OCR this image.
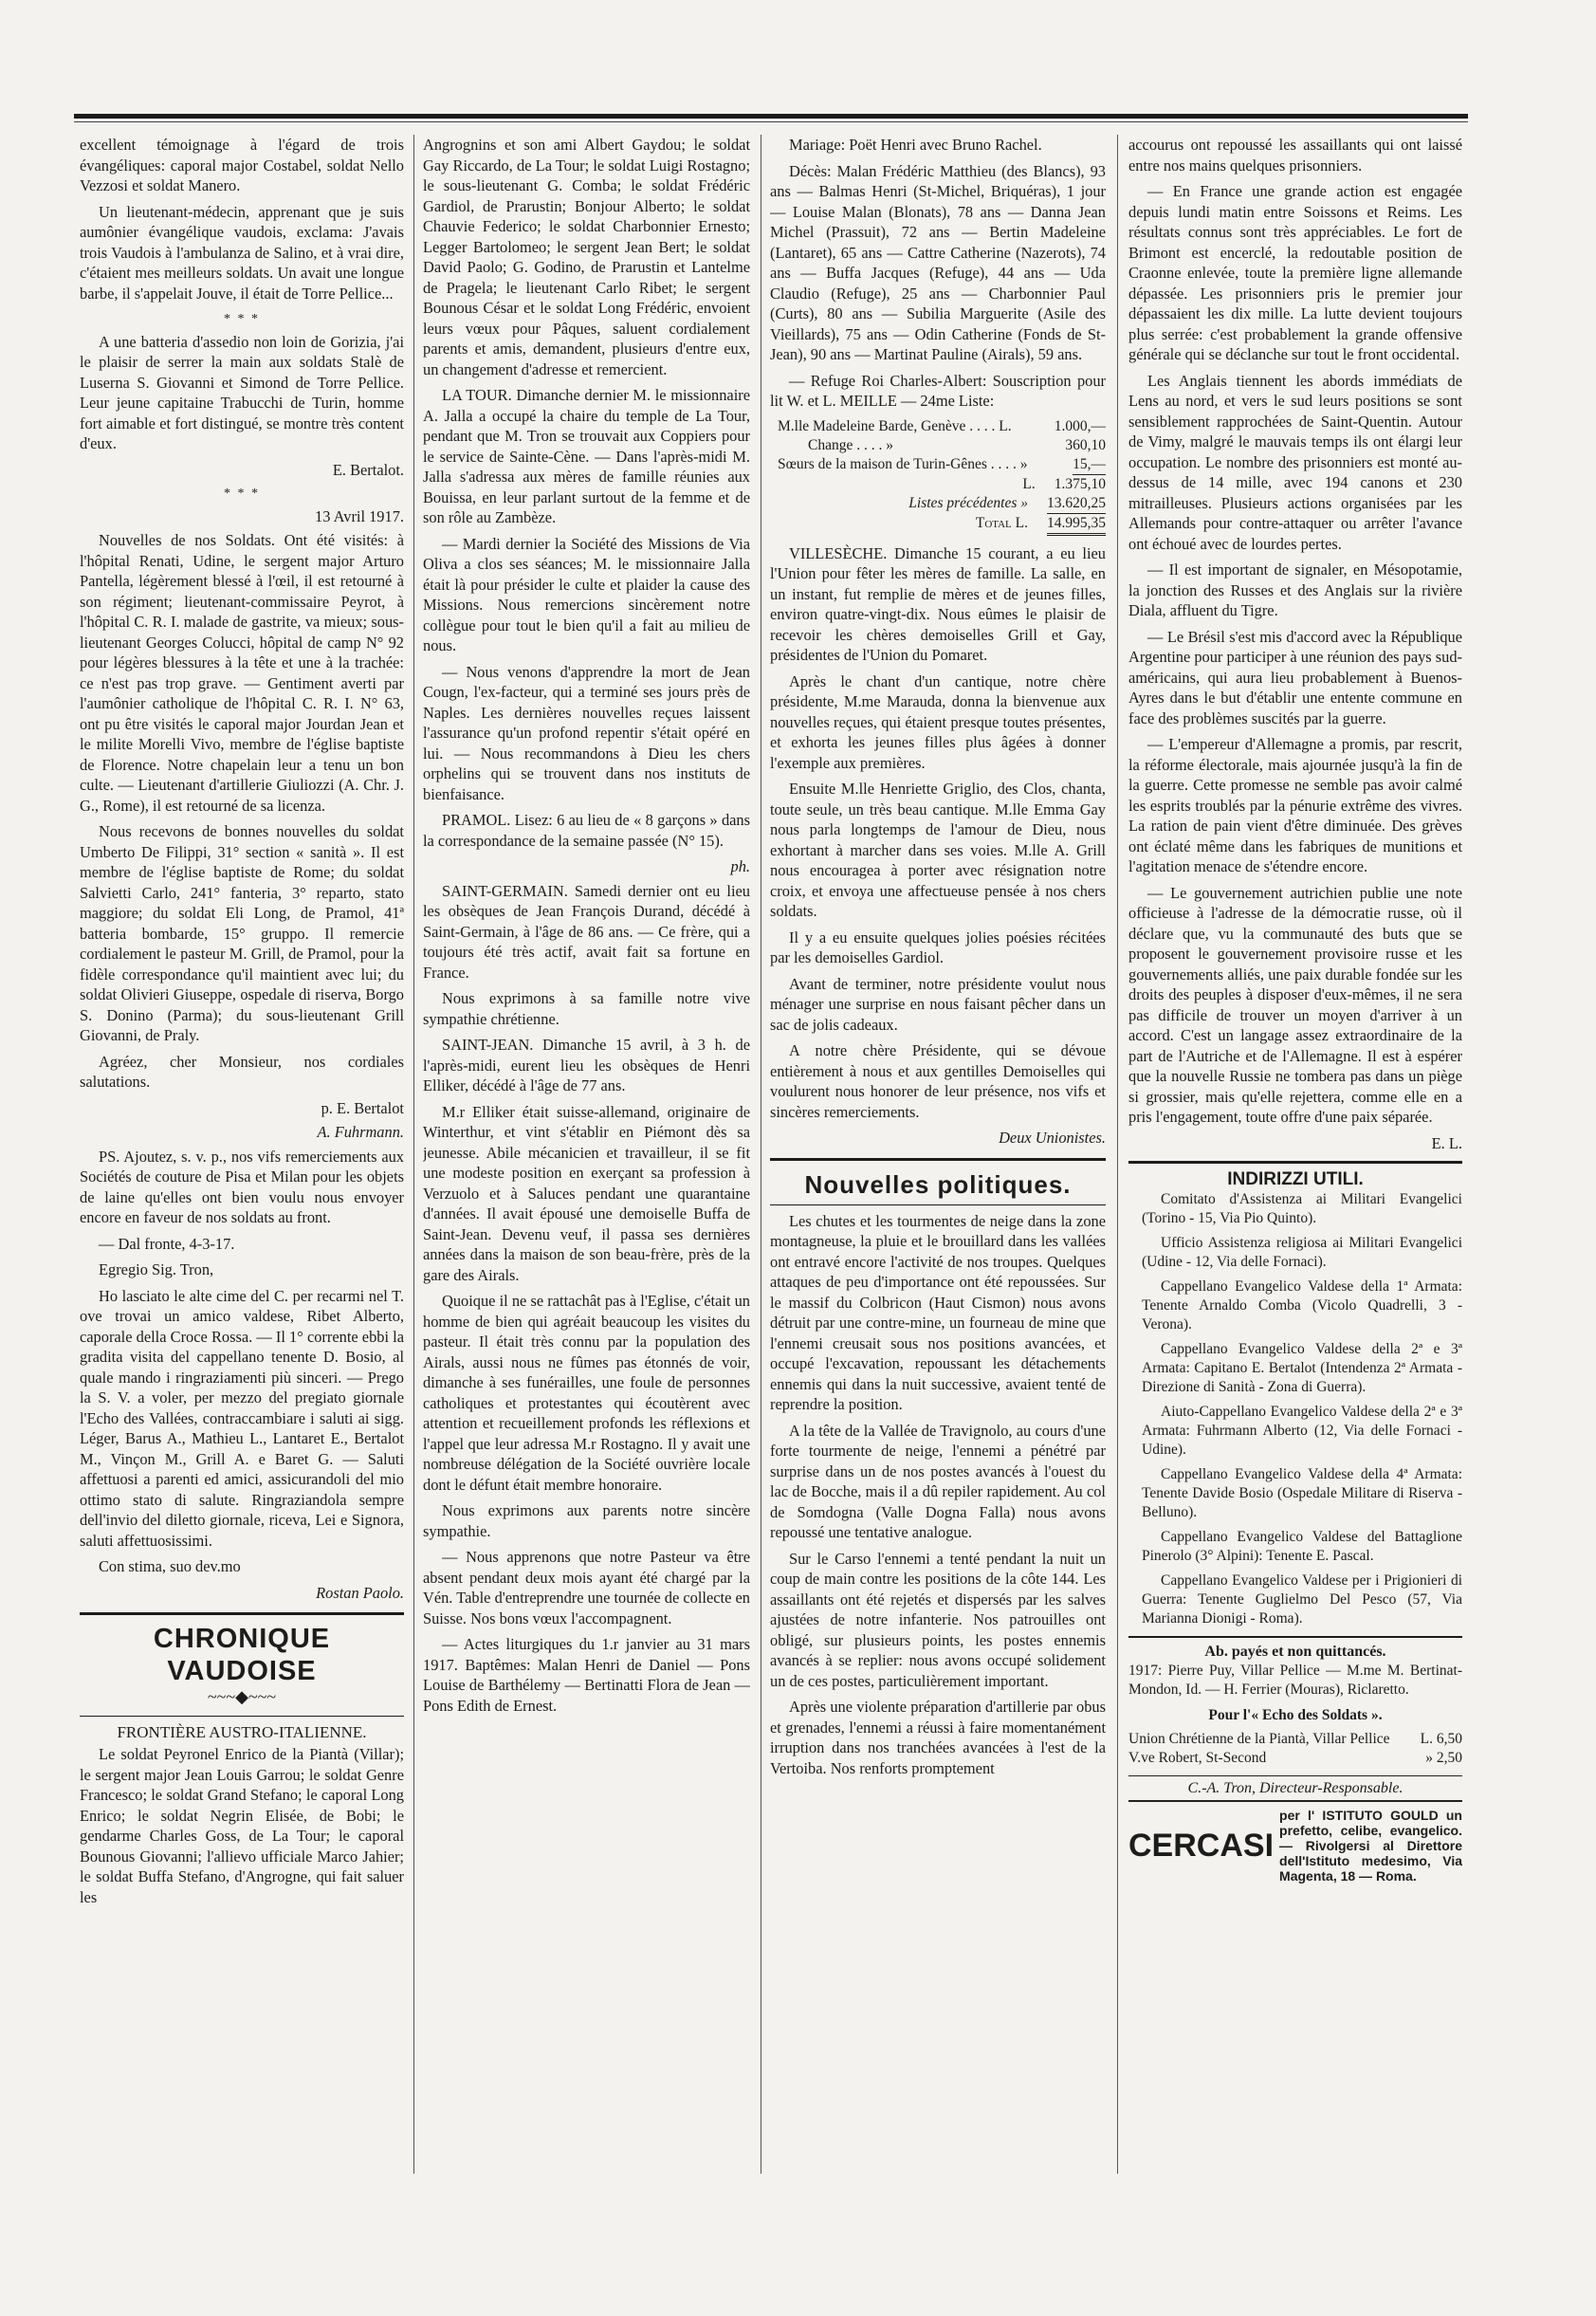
excellent témoignage à l'égard de trois évangéliques: caporal major Costabel, soldat Nello Vezzosi et soldat Manero.

Un lieutenant-médecin, apprenant que je suis aumônier évangélique vaudois, exclama: J'avais trois Vaudois à l'ambulanza de Salino, et à vrai dire, c'étaient mes meilleurs soldats. Un avait une longue barbe, il s'appelait Jouve, il était de Torre Pellice...

* * *

A une batteria d'assedio non loin de Gorizia, j'ai le plaisir de serrer la main aux soldats Stalè de Luserna S. Giovanni et Simond de Torre Pellice. Leur jeune capitaine Trabucchi de Turin, homme fort aimable et fort distingué, se montre très content d'eux.

E. Bertalot.
* * *
13 Avril 1917.

Nouvelles de nos Soldats. Ont été visités: à l'hôpital Renati, Udine, le sergent major Arturo Pantella, légèrement blessé à l'œil, il est retourné à son régiment; lieutenant-commissaire Peyrot, à l'hôpital C. R. I. malade de gastrite, va mieux; sous-lieutenant Georges Colucci, hôpital de camp N° 92 pour légères blessures à la tête et une à la trachée: ce n'est pas trop grave. — Gentiment averti par l'aumônier catholique de l'hôpital C. R. I. N° 63, ont pu être visités le caporal major Jourdan Jean et le milite Morelli Vivo, membre de l'église baptiste de Florence. Notre chapelain leur a tenu un bon culte. — Lieutenant d'artillerie Giuliozzi (A. Chr. J. G., Rome), il est retourné de sa licenza.

Nous recevons de bonnes nouvelles du soldat Umberto De Filippi, 31° section « sanità ». Il est membre de l'église baptiste de Rome; du soldat Salvietti Carlo, 241° fanteria, 3° reparto, stato maggiore; du soldat Eli Long, de Pramol, 41ª batteria bombarde, 15° gruppo. Il remercie cordialement le pasteur M. Grill, de Pramol, pour la fidèle correspondance qu'il maintient avec lui; du soldat Olivieri Giuseppe, ospedale di riserva, Borgo S. Donino (Parma); du sous-lieutenant Grill Giovanni, de Praly.

Agréez, cher Monsieur, nos cordiales salutations.

p. E. Bertalot
A. Fuhrmann.

PS. Ajoutez, s. v. p., nos vifs remerciements aux Sociétés de couture de Pisa et Milan pour les objets de laine qu'elles ont bien voulu nous envoyer encore en faveur de nos soldats au front.

— Dal fronte, 4-3-17.

Egregio Sig. Tron,

Ho lasciato le alte cime del C. per recarmi nel T. ove trovai un amico valdese, Ribet Alberto, caporale della Croce Rossa. — Il 1° corrente ebbi la gradita visita del cappellano tenente D. Bosio, al quale mando i ringraziamenti più sinceri. — Prego la S. V. a voler, per mezzo del pregiato giornale l'Echo des Vallées, contraccambiare i saluti ai sigg. Léger, Barus A., Mathieu L., Lantaret E., Bertalot M., Vinçon M., Grill A. e Baret G. — Saluti affettuosi a parenti ed amici, assicurandoli del mio ottimo stato di salute. Ringraziandola sempre dell'invio del diletto giornale, riceva, Lei e Signora, saluti affettuosissimi.

Con stima, suo dev.mo

Rostan Paolo.
CHRONIQUE VAUDOISE
~~~◆~~~
FRONTIÈRE AUSTRO-ITALIENNE.

Le soldat Peyronel Enrico de la Piantà (Villar); le sergent major Jean Louis Garrou; le soldat Genre Francesco; le soldat Grand Stefano; le caporal Long Enrico; le soldat Negrin Elisée, de Bobi; le gendarme Charles Goss, de La Tour; le caporal Bounous Giovanni; l'allievo ufficiale Marco Jahier; le soldat Buffa Stefano, d'Angrogne, qui fait saluer les

Angrognins et son ami Albert Gaydou; le soldat Gay Riccardo, de La Tour; le soldat Luigi Rostagno; le sous-lieutenant G. Comba; le soldat Frédéric Gardiol, de Prarustin; Bonjour Alberto; le soldat Chauvie Federico; le soldat Charbonnier Ernesto; Legger Bartolomeo; le sergent Jean Bert; le soldat David Paolo; G. Godino, de Prarustin et Lantelme de Pragela; le lieutenant Carlo Ribet; le sergent Bounous César et le soldat Long Frédéric, envoient leurs vœux pour Pâques, saluent cordialement parents et amis, demandent, plusieurs d'entre eux, un changement d'adresse et remercient.

LA TOUR. Dimanche dernier M. le missionnaire A. Jalla a occupé la chaire du temple de La Tour, pendant que M. Tron se trouvait aux Coppiers pour le service de Sainte-Cène. — Dans l'après-midi M. Jalla s'adressa aux mères de famille réunies aux Bouissa, en leur parlant surtout de la femme et de son rôle au Zambèze.

— Mardi dernier la Société des Missions de Via Oliva a clos ses séances; M. le missionnaire Jalla était là pour présider le culte et plaider la cause des Missions. Nous remercions sincèrement notre collègue pour tout le bien qu'il a fait au milieu de nous.

— Nous venons d'apprendre la mort de Jean Cougn, l'ex-facteur, qui a terminé ses jours près de Naples. Les dernières nouvelles reçues laissent l'assurance qu'un profond repentir s'était opéré en lui. — Nous recommandons à Dieu les chers orphelins qui se trouvent dans nos instituts de bienfaisance.

PRAMOL. Lisez: 6 au lieu de « 8 garçons » dans la correspondance de la semaine passée (N° 15).

ph.

SAINT-GERMAIN. Samedi dernier ont eu lieu les obsèques de Jean François Durand, décédé à Saint-Germain, à l'âge de 86 ans. — Ce frère, qui a toujours été très actif, avait fait sa fortune en France.

Nous exprimons à sa famille notre vive sympathie chrétienne.

SAINT-JEAN. Dimanche 15 avril, à 3 h. de l'après-midi, eurent lieu les obsèques de Henri Elliker, décédé à l'âge de 77 ans.

M.r Elliker était suisse-allemand, originaire de Winterthur, et vint s'établir en Piémont dès sa jeunesse. Abile mécanicien et travailleur, il se fit une modeste position en exerçant sa profession à Verzuolo et à Saluces pendant une quarantaine d'années. Il avait épousé une demoiselle Buffa de Saint-Jean. Devenu veuf, il passa ses dernières années dans la maison de son beau-frère, près de la gare des Airals.

Quoique il ne se rattachât pas à l'Eglise, c'était un homme de bien qui agréait beaucoup les visites du pasteur. Il était très connu par la population des Airals, aussi nous ne fûmes pas étonnés de voir, dimanche à ses funérailles, une foule de personnes catholiques et protestantes qui écoutèrent avec attention et recueillement profonds les réflexions et l'appel que leur adressa M.r Rostagno. Il y avait une nombreuse délégation de la Société ouvrière locale dont le défunt était membre honoraire.

Nous exprimons aux parents notre sincère sympathie.

— Nous apprenons que notre Pasteur va être absent pendant deux mois ayant été chargé par la Vén. Table d'entreprendre une tournée de collecte en Suisse. Nos bons vœux l'accompagnent.

— Actes liturgiques du 1.r janvier au 31 mars 1917. Baptêmes: Malan Henri de Daniel — Pons Louise de Barthélemy — Bertinatti Flora de Jean — Pons Edith de Ernest.

Mariage: Poët Henri avec Bruno Rachel.

Décès: Malan Frédéric Matthieu (des Blancs), 93 ans — Balmas Henri (St-Michel, Briquéras), 1 jour — Louise Malan (Blonats), 78 ans — Danna Jean Michel (Prassuit), 72 ans — Bertin Madeleine (Lantaret), 65 ans — Cattre Catherine (Nazerots), 74 ans — Buffa Jacques (Refuge), 44 ans — Uda Claudio (Refuge), 25 ans — Charbonnier Paul (Curts), 80 ans — Subilia Marguerite (Asile des Vieillards), 75 ans — Odin Catherine (Fonds de St-Jean), 90 ans — Martinat Pauline (Airals), 59 ans.

— Refuge Roi Charles-Albert: Souscription pour lit W. et L. MEILLE — 24me Liste:

M.lle Madeleine Barde, Genève . . . . L.	1.000,—
Change . . . . »	360,10
Sœurs de la maison de Turin-Gênes . . . . »	15,—
L.	1.375,10
Listes précédentes »	13.620,25
Total L.	14.995,35

VILLESÈCHE. Dimanche 15 courant, a eu lieu l'Union pour fêter les mères de famille. La salle, en un instant, fut remplie de mères et de jeunes filles, environ quatre-vingt-dix. Nous eûmes le plaisir de recevoir les chères demoiselles Grill et Gay, présidentes de l'Union du Pomaret.

Après le chant d'un cantique, notre chère présidente, M.me Marauda, donna la bienvenue aux nouvelles reçues, qui étaient presque toutes présentes, et exhorta les jeunes filles plus âgées à donner l'exemple aux premières.

Ensuite M.lle Henriette Griglio, des Clos, chanta, toute seule, un très beau cantique. M.lle Emma Gay nous parla longtemps de l'amour de Dieu, nous exhortant à marcher dans ses voies. M.lle A. Grill nous encouragea à porter avec résignation notre croix, et envoya une affectueuse pensée à nos chers soldats.

Il y a eu ensuite quelques jolies poésies récitées par les demoiselles Gardiol.

Avant de terminer, notre présidente voulut nous ménager une surprise en nous faisant pêcher dans un sac de jolis cadeaux.

A notre chère Présidente, qui se dévoue entièrement à nous et aux gentilles Demoiselles qui voulurent nous honorer de leur présence, nos vifs et sincères remerciements.

Deux Unionistes.
Nouvelles politiques.

Les chutes et les tourmentes de neige dans la zone montagneuse, la pluie et le brouillard dans les vallées ont entravé encore l'activité de nos troupes. Quelques attaques de peu d'importance ont été repoussées. Sur le massif du Colbricon (Haut Cismon) nous avons détruit par une contre-mine, un fourneau de mine que l'ennemi creusait sous nos positions avancées, et occupé l'excavation, repoussant les détachements ennemis qui dans la nuit successive, avaient tenté de reprendre la position.

A la tête de la Vallée de Travignolo, au cours d'une forte tourmente de neige, l'ennemi a pénétré par surprise dans un de nos postes avancés à l'ouest du lac de Bocche, mais il a dû repiler rapidement. Au col de Somdogna (Valle Dogna Falla) nous avons repoussé une tentative analogue.

Sur le Carso l'ennemi a tenté pendant la nuit un coup de main contre les positions de la côte 144. Les assaillants ont été rejetés et dispersés par les salves ajustées de notre infanterie. Nos patrouilles ont obligé, sur plusieurs points, les postes ennemis avancés à se replier: nous avons occupé solidement un de ces postes, particulièrement important.

Après une violente préparation d'artillerie par obus et grenades, l'ennemi a réussi à faire momentanément irruption dans nos tranchées avancées à l'est de la Vertoiba. Nos renforts promptement

accourus ont repoussé les assaillants qui ont laissé entre nos mains quelques prisonniers.

— En France une grande action est engagée depuis lundi matin entre Soissons et Reims. Les résultats connus sont très appréciables. Le fort de Brimont est encerclé, la redoutable position de Craonne enlevée, toute la première ligne allemande dépassée. Les prisonniers pris le premier jour dépassaient les dix mille. La lutte devient toujours plus serrée: c'est probablement la grande offensive générale qui se déclanche sur tout le front occidental.

Les Anglais tiennent les abords immédiats de Lens au nord, et vers le sud leurs positions se sont sensiblement rapprochées de Saint-Quentin. Autour de Vimy, malgré le mauvais temps ils ont élargi leur occupation. Le nombre des prisonniers est monté au-dessus de 14 mille, avec 194 canons et 230 mitrailleuses. Plusieurs actions organisées par les Allemands pour contre-attaquer ou arrêter l'avance ont échoué avec de lourdes pertes.

— Il est important de signaler, en Mésopotamie, la jonction des Russes et des Anglais sur la rivière Diala, affluent du Tigre.

— Le Brésil s'est mis d'accord avec la République Argentine pour participer à une réunion des pays sud-américains, qui aura lieu probablement à Buenos-Ayres dans le but d'établir une entente commune en face des problèmes suscités par la guerre.

— L'empereur d'Allemagne a promis, par rescrit, la réforme électorale, mais ajournée jusqu'à la fin de la guerre. Cette promesse ne semble pas avoir calmé les esprits troublés par la pénurie extrême des vivres. La ration de pain vient d'être diminuée. Des grèves ont éclaté même dans les fabriques de munitions et l'agitation menace de s'étendre encore.

— Le gouvernement autrichien publie une note officieuse à l'adresse de la démocratie russe, où il déclare que, vu la communauté des buts que se proposent le gouvernement provisoire russe et les gouvernements alliés, une paix durable fondée sur les droits des peuples à disposer d'eux-mêmes, il ne sera pas difficile de trouver un moyen d'arriver à un accord. C'est un langage assez extraordinaire de la part de l'Autriche et de l'Allemagne. Il est à espérer que la nouvelle Russie ne tombera pas dans un piège si grossier, mais qu'elle rejettera, comme elle en a pris l'engagement, toute offre d'une paix séparée.

E. L.
INDIRIZZI UTILI.

Comitato d'Assistenza ai Militari Evangelici (Torino - 15, Via Pio Quinto).

Ufficio Assistenza religiosa ai Militari Evangelici (Udine - 12, Via delle Fornaci).

Cappellano Evangelico Valdese della 1ª Armata: Tenente Arnaldo Comba (Vicolo Quadrelli, 3 - Verona).

Cappellano Evangelico Valdese della 2ª e 3ª Armata: Capitano E. Bertalot (Intendenza 2ª Armata - Direzione di Sanità - Zona di Guerra).

Aiuto-Cappellano Evangelico Valdese della 2ª e 3ª Armata: Fuhrmann Alberto (12, Via delle Fornaci - Udine).

Cappellano Evangelico Valdese della 4ª Armata: Tenente Davide Bosio (Ospedale Militare di Riserva - Belluno).

Cappellano Evangelico Valdese del Battaglione Pinerolo (3° Alpini): Tenente E. Pascal.

Cappellano Evangelico Valdese per i Prigionieri di Guerra: Tenente Guglielmo Del Pesco (57, Via Marianna Dionigi - Roma).

Ab. payés et non quittancés.

1917: Pierre Puy, Villar Pellice — M.me M. Bertinat-Mondon, Id. — H. Ferrier (Mouras), Riclaretto.

Pour l'« Echo des Soldats ».
Union Chrétienne de la Piantà, Villar Pellice L. 6,50
V.ve Robert, St-Second	» 2,50
C.-A. Tron, Directeur-Responsable.
CERCASI
per l' ISTITUTO GOULD un prefetto, celibe, evangelico. — Rivolgersi al Direttore dell'Istituto medesimo, Via Magenta, 18 — Roma.
